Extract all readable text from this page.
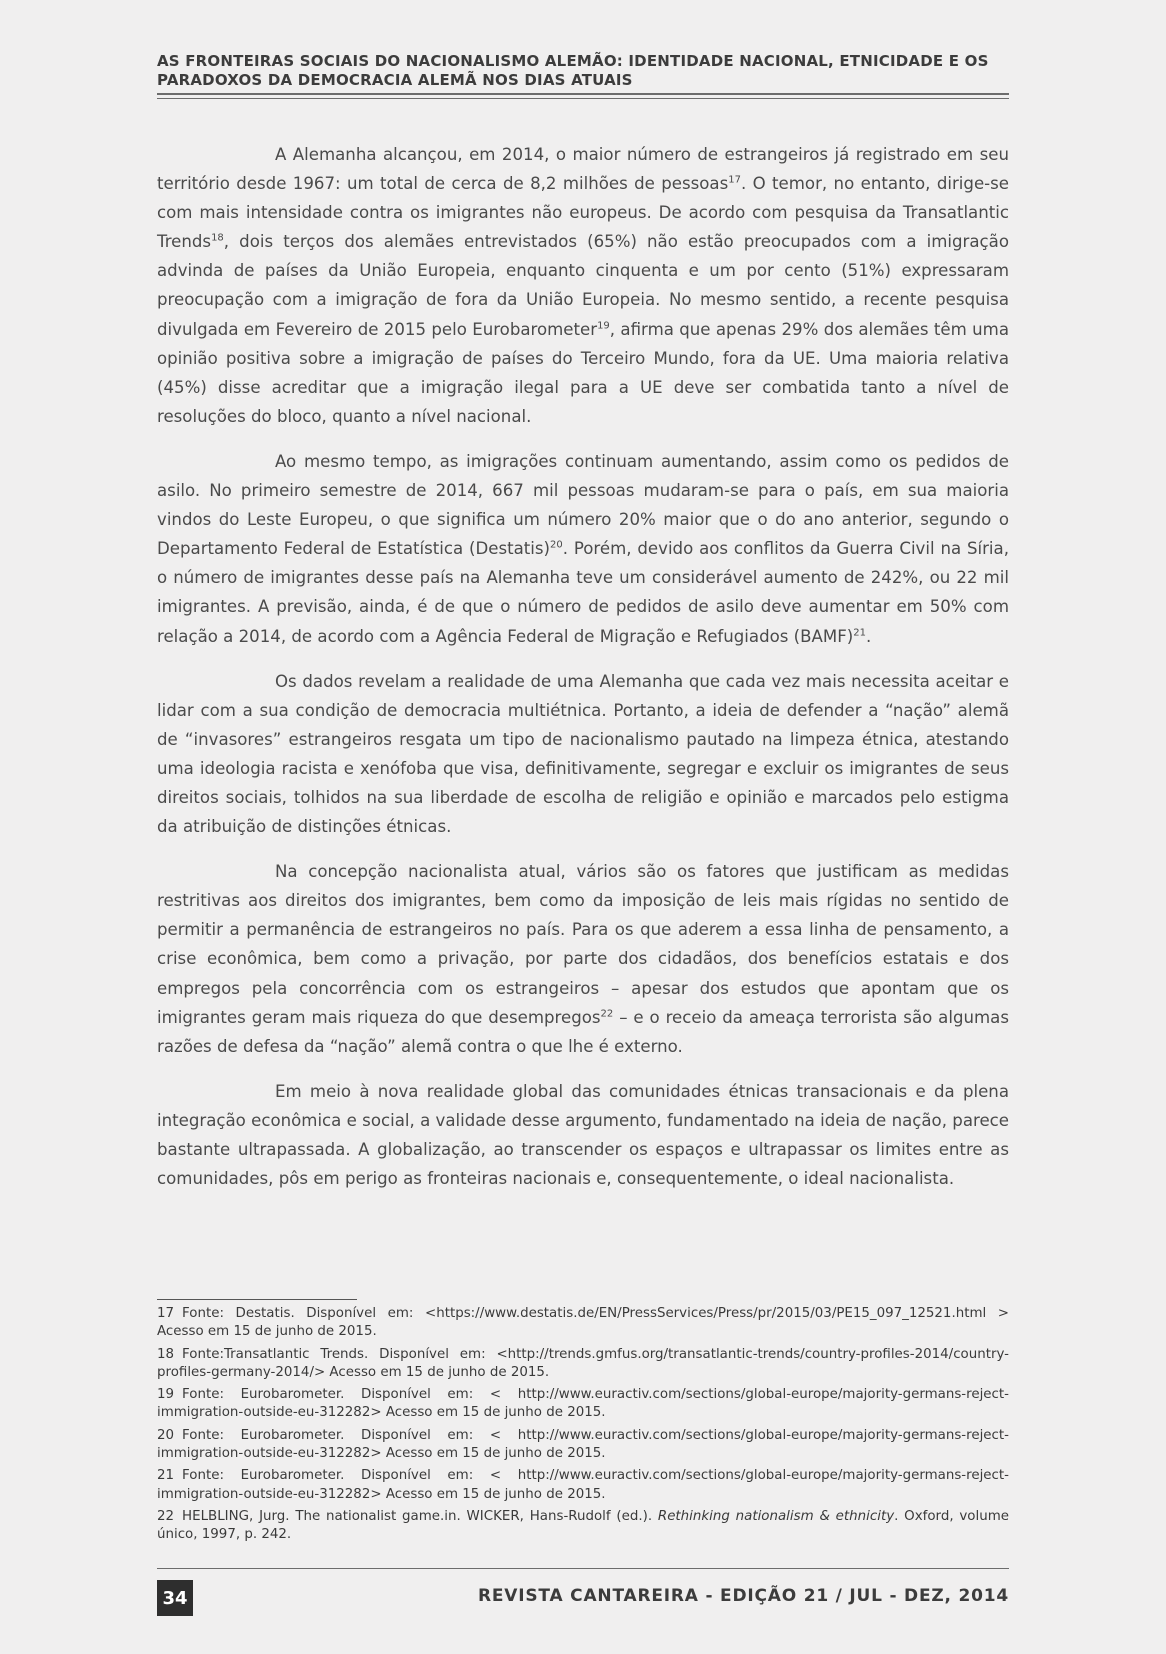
AS FRONTEIRAS SOCIAIS DO NACIONALISMO ALEMÃO: IDENTIDADE NACIONAL, ETNICIDADE E OS
PARADOXOS DA DEMOCRACIA ALEMÃ NOS DIAS ATUAIS

A Alemanha alcançou, em 2014, o maior número de estrangeiros já registrado em seu território desde 1967: um total de cerca de 8,2 milhões de pessoas$^{17}$. O temor, no entanto, dirige-se com mais intensidade contra os imigrantes não europeus. De acordo com pesquisa da Transatlantic Trends$^{18}$, dois terços dos alemães entrevistados (65%) não estão preocupados com a imigração advinda de países da União Europeia, enquanto cinquenta e um por cento (51%) expressaram preocupação com a imigração de fora da União Europeia. No mesmo sentido, a recente pesquisa divulgada em Fevereiro de 2015 pelo Eurobarometer$^{19}$, afirma que apenas 29% dos alemães têm uma opinião positiva sobre a imigração de países do Terceiro Mundo, fora da UE. Uma maioria relativa (45%) disse acreditar que a imigração ilegal para a UE deve ser combatida tanto a nível de resoluções do bloco, quanto a nível nacional.

Ao mesmo tempo, as imigrações continuam aumentando, assim como os pedidos de asilo. No primeiro semestre de 2014, 667 mil pessoas mudaram-se para o país, em sua maioria vindos do Leste Europeu, o que significa um número 20% maior que o do ano anterior, segundo o Departamento Federal de Estatística (Destatis)$^{20}$. Porém, devido aos conflitos da Guerra Civil na Síria, o número de imigrantes desse país na Alemanha teve um considerável aumento de 242%, ou 22 mil imigrantes. A previsão, ainda, é de que o número de pedidos de asilo deve aumentar em 50% com relação a 2014, de acordo com a Agência Federal de Migração e Refugiados (BAMF)$^{21}$.

Os dados revelam a realidade de uma Alemanha que cada vez mais necessita aceitar e lidar com a sua condição de democracia multiétnica. Portanto, a ideia de defender a “nação” alemã de “invasores” estrangeiros resgata um tipo de nacionalismo pautado na limpeza étnica, atestando uma ideologia racista e xenófoba que visa, definitivamente, segregar e excluir os imigrantes de seus direitos sociais, tolhidos na sua liberdade de escolha de religião e opinião e marcados pelo estigma da atribuição de distinções étnicas.

Na concepção nacionalista atual, vários são os fatores que justificam as medidas restritivas aos direitos dos imigrantes, bem como da imposição de leis mais rígidas no sentido de permitir a permanência de estrangeiros no país. Para os que aderem a essa linha de pensamento, a crise econômica, bem como a privação, por parte dos cidadãos, dos benefícios estatais e dos empregos pela concorrência com os estrangeiros – apesar dos estudos que apontam que os imigrantes geram mais riqueza do que desempregos$^{22}$ – e o receio da ameaça terrorista são algumas razões de defesa da “nação” alemã contra o que lhe é externo.

Em meio à nova realidade global das comunidades étnicas transacionais e da plena integração econômica e social, a validade desse argumento, fundamentado na ideia de nação, parece bastante ultrapassada. A globalização, ao transcender os espaços e ultrapassar os limites entre as comunidades, pôs em perigo as fronteiras nacionais e, consequentemente, o ideal nacionalista.

17 Fonte: Destatis. Disponível em: <https://www.destatis.de/EN/PressServices/Press/pr/2015/03/PE15_097_12521.html > Acesso em 15 de junho de 2015.

18 Fonte:Transatlantic Trends. Disponível em: <http://trends.gmfus.org/transatlantic-trends/country-profiles-2014/country-profiles-germany-2014/> Acesso em 15 de junho de 2015.

19 Fonte: Eurobarometer. Disponível em: < http://www.euractiv.com/sections/global-europe/majority-germans-reject-immigration-outside-eu-312282> Acesso em 15 de junho de 2015.

20 Fonte: Eurobarometer. Disponível em: < http://www.euractiv.com/sections/global-europe/majority-germans-reject-immigration-outside-eu-312282> Acesso em 15 de junho de 2015.

21 Fonte: Eurobarometer. Disponível em: < http://www.euractiv.com/sections/global-europe/majority-germans-reject-immigration-outside-eu-312282> Acesso em 15 de junho de 2015.

22 HELBLING, Jurg. The nationalist game.in. WICKER, Hans-Rudolf (ed.). Rethinking nationalism & ethnicity. Oxford, volume único, 1997, p. 242.

34	REVISTA CANTAREIRA - EDIÇÃO 21 / JUL - DEZ, 2014
